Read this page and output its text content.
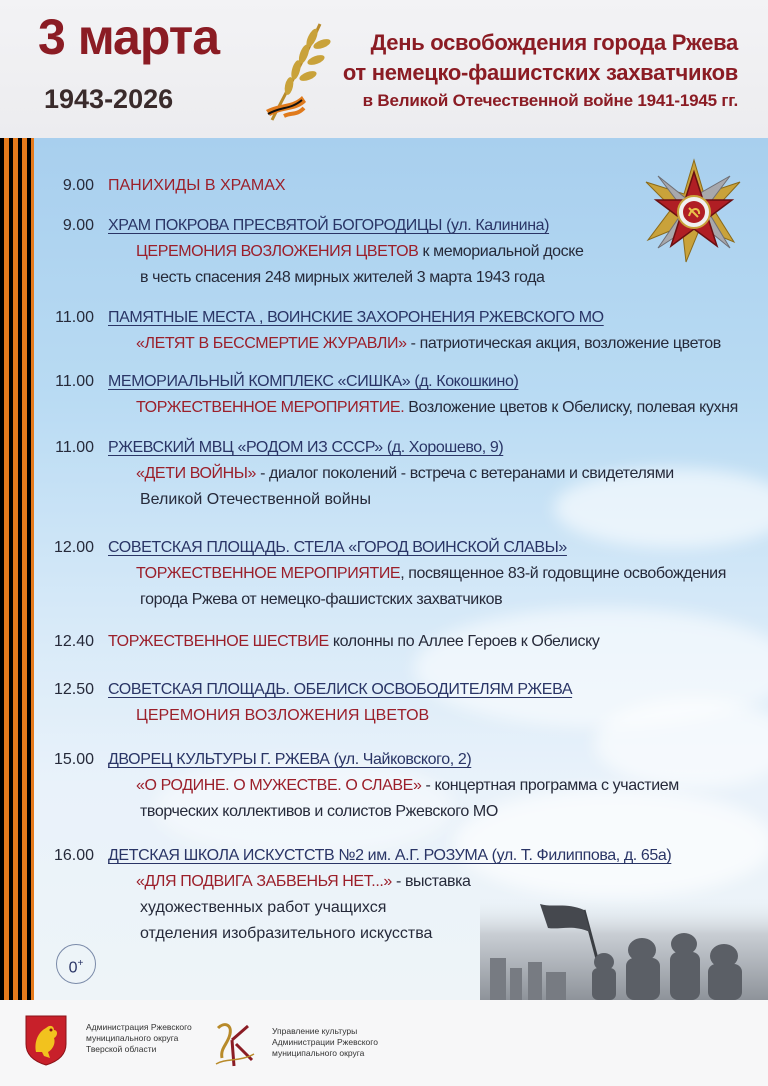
3 марта
1943-2026
День освобождения города Ржева
от немецко-фашистских захватчиков
в Великой Отечественной войне 1941-1945 гг.
9.00 ПАНИХИДЫ В ХРАМАХ
9.00 ХРАМ ПОКРОВА ПРЕСВЯТОЙ БОГОРОДИЦЫ (ул. Калинина)
ЦЕРЕМОНИЯ ВОЗЛОЖЕНИЯ ЦВЕТОВ к мемориальной доске
в честь спасения 248 мирных жителей 3 марта 1943 года
11.00 ПАМЯТНЫЕ МЕСТА , ВОИНСКИЕ ЗАХОРОНЕНИЯ РЖЕВСКОГО МО
«ЛЕТЯТ В БЕССМЕРТИЕ ЖУРАВЛИ» - патриотическая акция, возложение цветов
11.00 МЕМОРИАЛЬНЫЙ КОМПЛЕКС «СИШКА» (д. Кокошкино)
ТОРЖЕСТВЕННОЕ МЕРОПРИЯТИЕ. Возложение цветов к Обелиску, полевая кухня
11.00 РЖЕВСКИЙ МВЦ «РОДОМ ИЗ СССР» (д. Хорошево, 9)
«ДЕТИ ВОЙНЫ» - диалог поколений - встреча с ветеранами и свидетелями
Великой Отечественной войны
12.00 СОВЕТСКАЯ ПЛОЩАДЬ. СТЕЛА «ГОРОД ВОИНСКОЙ СЛАВЫ»
ТОРЖЕСТВЕННОЕ МЕРОПРИЯТИЕ, посвященное 83-й годовщине освобождения
города Ржева от немецко-фашистских захватчиков
12.40 ТОРЖЕСТВЕННОЕ ШЕСТВИЕ колонны по Аллее Героев к Обелиску
12.50 СОВЕТСКАЯ ПЛОЩАДЬ. ОБЕЛИСК ОСВОБОДИТЕЛЯМ РЖЕВА
ЦЕРЕМОНИЯ ВОЗЛОЖЕНИЯ ЦВЕТОВ
15.00 ДВОРЕЦ КУЛЬТУРЫ Г. РЖЕВА (ул. Чайковского, 2)
«О РОДИНЕ. О МУЖЕСТВЕ. О СЛАВЕ» - концертная программа с участием
творческих коллективов и солистов Ржевского МО
16.00 ДЕТСКАЯ ШКОЛА ИСКУСТСТВ №2 им. А.Г. РОЗУМА (ул. Т. Филиппова, д. 65а)
«ДЛЯ ПОДВИГА ЗАБВЕНЬЯ НЕТ...» - выставка
художественных работ учащихся
отделения изобразительного искусства
0+
Администрация Ржевского муниципального округа Тверской области
Управление культуры Администрации Ржевского муниципального округа
